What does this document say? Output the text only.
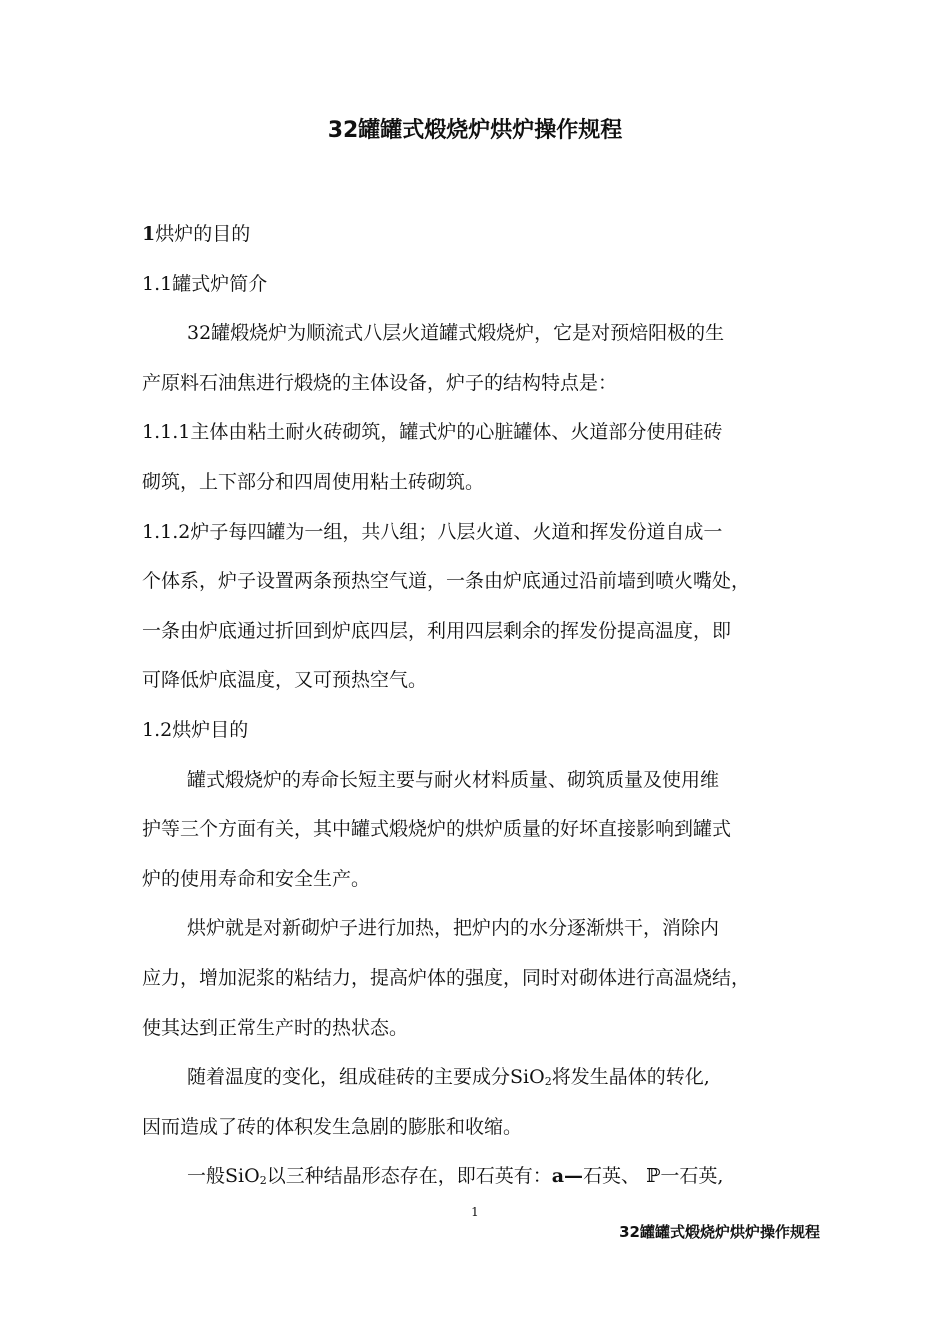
32罐罐式煅烧炉烘炉操作规程

1烘炉的目的

1.1罐式炉简介

32罐煅烧炉为顺流式八层火道罐式煅烧炉，它是对预焙阳极的生

产原料石油焦进行煅烧的主体设备，炉子的结构特点是：

1.1.1主体由粘土耐火砖砌筑，罐式炉的心脏罐体、火道部分使用硅砖

砌筑，上下部分和四周使用粘土砖砌筑。

1.1.2炉子每四罐为一组，共八组；八层火道、火道和挥发份道自成一

个体系，炉子设置两条预热空气道，一条由炉底通过沿前墙到喷火嘴处，

一条由炉底通过折回到炉底四层，利用四层剩余的挥发份提高温度，即

可降低炉底温度，又可预热空气。

1.2烘炉目的

罐式煅烧炉的寿命长短主要与耐火材料质量、砌筑质量及使用维

护等三个方面有关，其中罐式煅烧炉的烘炉质量的好坏直接影响到罐式

炉的使用寿命和安全生产。

烘炉就是对新砌炉子进行加热，把炉内的水分逐渐烘干，消除内

应力，增加泥浆的粘结力，提高炉体的强度，同时对砌体进行高温烧结，

使其达到正常生产时的热状态。

随着温度的变化，组成硅砖的主要成分SiO$_2$将发生晶体的转化,

因而造成了砖的体积发生急剧的膨胀和收缩。

一般SiO$_2$以三种结晶形态存在，即石英有：a—石英、 ℙ一石英,

1
32罐罐式煅烧炉烘炉操作规程
